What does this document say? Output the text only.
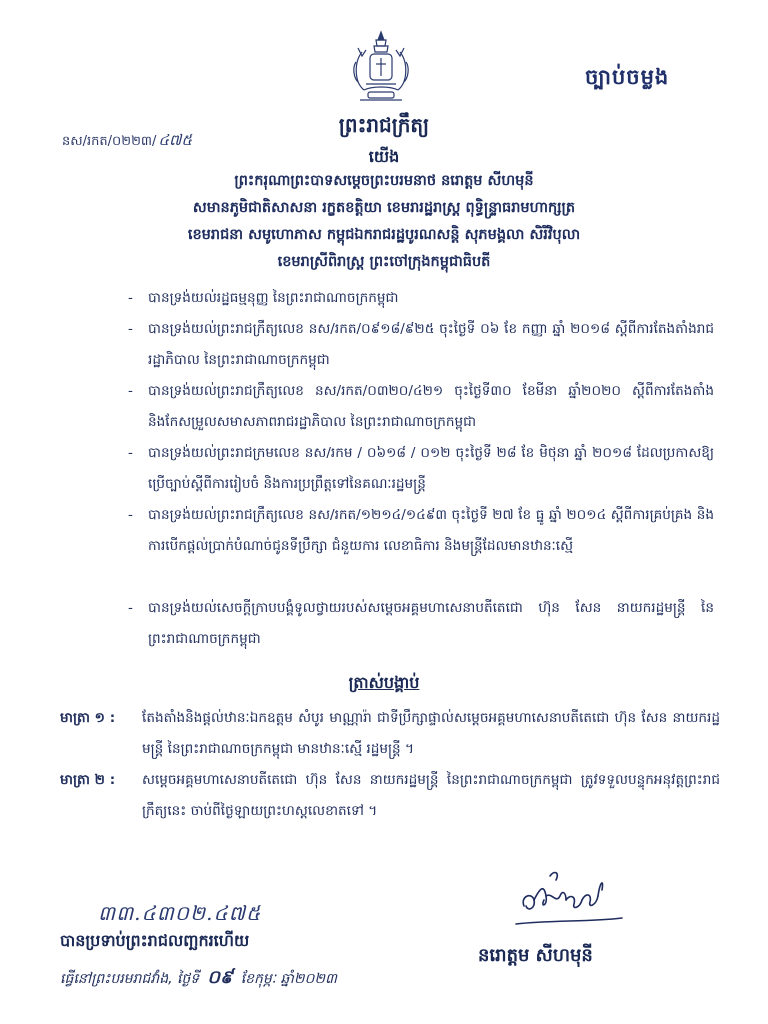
ច្បាប់ចម្លង
ព្រះរាជក្រឹត្យ
នស/រកត/០២២៣/ ៤៧៥
យើង
ព្រះករុណាព្រះបាទសម្តេចព្រះបរមនាថ នរោត្តម សីហមុនី
សមានភូមិជាតិសាសនា រក្ខតខត្តិយា ខេមរារដ្ឋរាស្ត្រ ពុទ្ធិន្ទ្រាធរាមហាក្សត្រ
ខេមរាជនា សមូហោភាស កម្ពុជឯករាជរដ្ឋបូរណសន្តិ សុភមង្គលា សិរីវិបុលា
ខេមរាស្រីពិរាស្ត្រ ព្រះចៅក្រុងកម្ពុជាធិបតី
- បានទ្រង់យល់រដ្ឋធម្មនុញ្ញ នៃព្រះរាជាណាចក្រកម្ពុជា
- បានទ្រង់យល់ព្រះរាជក្រឹត្យលេខ នស/រកត/០៩១៨/៩២៥ ចុះថ្ងៃទី ០៦ ខែ កញ្ញា ឆ្នាំ ២០១៨ ស្តីពីការតែងតាំងរាជរដ្ឋាភិបាល នៃព្រះរាជាណាចក្រកម្ពុជា
- បានទ្រង់យល់ព្រះរាជក្រឹត្យលេខ នស/រកត/០៣២០/៤២១ ចុះថ្ងៃទី៣០ ខែមីនា ឆ្នាំ២០២០ ស្តីពីការតែងតាំង និងកែសម្រួលសមាសភាពរាជរដ្ឋាភិបាល នៃព្រះរាជាណាចក្រកម្ពុជា
- បានទ្រង់យល់ព្រះរាជក្រមលេខ នស/រកម / ០៦១៨ / ០១២ ចុះថ្ងៃទី ២៨ ខែ មិថុនា ឆ្នាំ ២០១៨ ដែលប្រកាសឱ្យប្រើច្បាប់ស្តីពីការរៀបចំ និងការប្រព្រឹត្តទៅនៃគណៈរដ្ឋមន្ត្រី
- បានទ្រង់យល់ព្រះរាជក្រឹត្យលេខ នស/រកត/១២១៤/១៤៩៣ ចុះថ្ងៃទី ២៧ ខែ ធ្នូ ឆ្នាំ ២០១៤ ស្តីពីការគ្រប់គ្រង និងការបើកផ្តល់ប្រាក់បំណាច់ជូនទីប្រឹក្សា ជំនួយការ លេខាធិការ និងមន្ត្រីដែលមានឋានៈស្មើ
- បានទ្រង់យល់សេចក្តីក្រាបបង្គំទូលថ្វាយរបស់សម្តេចអគ្គមហាសេនាបតីតេជោ ហ៊ុន សែន នាយករដ្ឋមន្ត្រី នៃព្រះរាជាណាចក្រកម្ពុជា
ត្រាស់បង្គាប់
មាត្រា ១ : តែងតាំងនិងផ្តល់ឋានៈឯកឧត្តម សំបូរ មាណ្ណារ៉ា ជាទីប្រឹក្សាផ្ទាល់សម្តេចអគ្គមហាសេនាបតីតេជោ ហ៊ុន សែន នាយករដ្ឋមន្ត្រី នៃព្រះរាជាណាចក្រកម្ពុជា មានឋានៈស្មើ រដ្ឋមន្ត្រី ។
មាត្រា ២ : សម្តេចអគ្គមហាសេនាបតីតេជោ ហ៊ុន សែន នាយករដ្ឋមន្ត្រី នៃព្រះរាជាណាចក្រកម្ពុជា ត្រូវទទួលបន្ទុកអនុវត្តព្រះរាជក្រឹត្យនេះ ចាប់ពីថ្ងៃឡាយព្រះហស្តលេខាតទៅ ។
៣៣.៤៣០២.៤៧៥
បានប្រទាប់ព្រះរាជលញ្ឆករហើយ
ធ្វើនៅព្រះបរមរាជវាំង, ថ្ងៃទី ០៩ ខែកុម្ភៈ ឆ្នាំ២០២៣
នរោត្តម សីហមុនី
